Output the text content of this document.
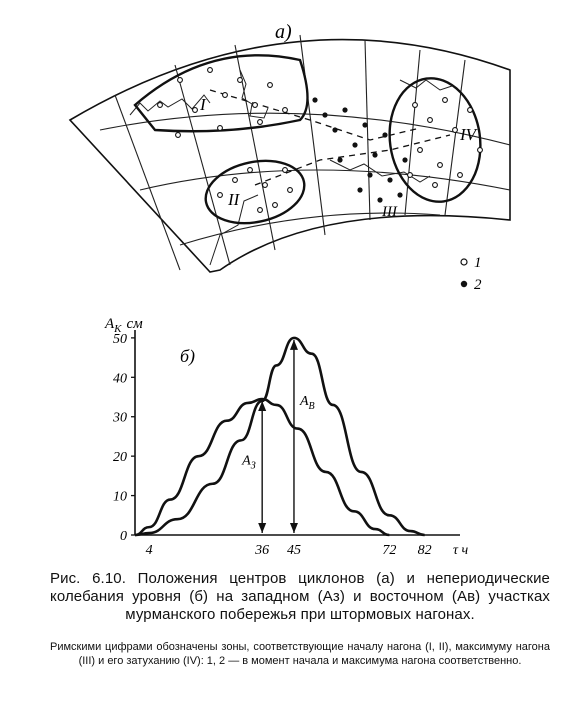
а)
I
II
III
IV
1
2
$A_K$ см
б)
0
10
20
30
40
50
4	36 45	72 82 τ ч
$A_З$
$A_В$
Рис. 6.10. Положения центров циклонов (а) и непериодические колебания уровня (б) на западном (Аз) и восточном (Ав) участках мурманского побережья при штормовых нагонах.
Римскими цифрами обозначены зоны, соответствующие началу нагона (I, II), максимуму нагона (III) и его затуханию (IV): 1, 2 — в момент начала и максимума нагона соответственно.
